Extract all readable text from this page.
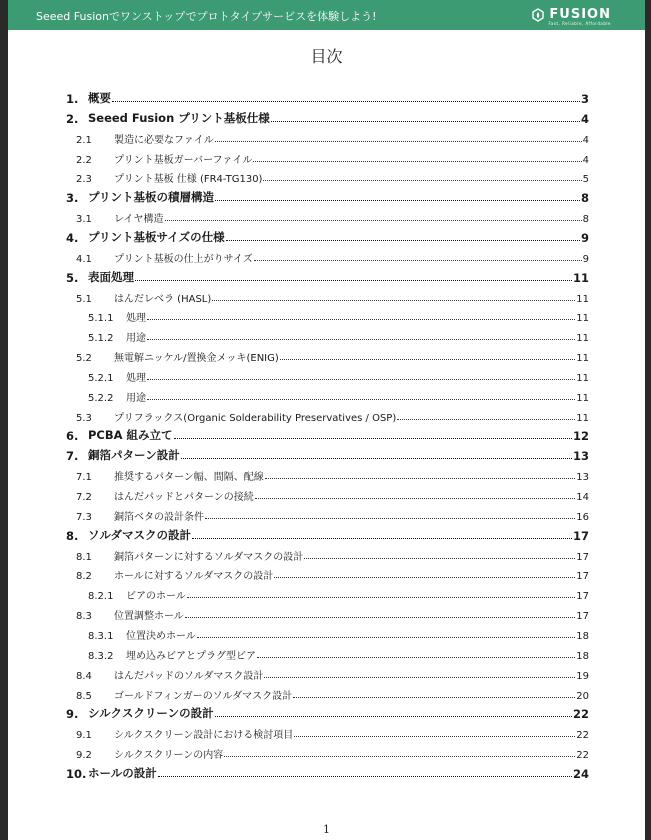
Seeed Fusionでワンストップでプロトタイプサービスを体験しよう!	FUSION
Fast, Reliable, Affordable
目次
1. 概要	3
2. Seeed Fusion プリント基板仕様	4
2.1	製造に必要なファイル	4
2.2	プリント基板ガーバーファイル	4
2.3	プリント基板 仕様 (FR4-TG130)	5
3. プリント基板の積層構造	8
3.1	レイヤ構造	8
4. プリント基板サイズの仕様	9
4.1	プリント基板の仕上がりサイズ	9
5. 表面処理	11
5.1	はんだレベラ (HASL)	11
5.1.1	処理	11
5.1.2	用途	11
5.2	無電解ニッケル/置換金メッキ(ENIG)	11
5.2.1	処理	11
5.2.2	用途	11
5.3	プリフラックス(Organic Solderability Preservatives / OSP)	11
6. PCBA 組み立て	12
7. 銅箔パターン設計	13
7.1	推奨するパターン幅、間隔、配線	13
7.2	はんだパッドとパターンの接続	14
7.3	銅箔ベタの設計条件	16
8. ソルダマスクの設計	17
8.1	銅箔パターンに対するソルダマスクの設計	17
8.2	ホールに対するソルダマスクの設計	17
8.2.1	ビアのホール	17
8.3	位置調整ホール	17
8.3.1	位置決めホール	18
8.3.2	埋め込みビアとプラグ型ビア	18
8.4	はんだパッドのソルダマスク設計	19
8.5	ゴールドフィンガーのソルダマスク設計	20
9. シルクスクリーンの設計	22
9.1	シルクスクリーン設計における検討項目	22
9.2	シルクスクリーンの内容	22
10. ホールの設計	24
1
